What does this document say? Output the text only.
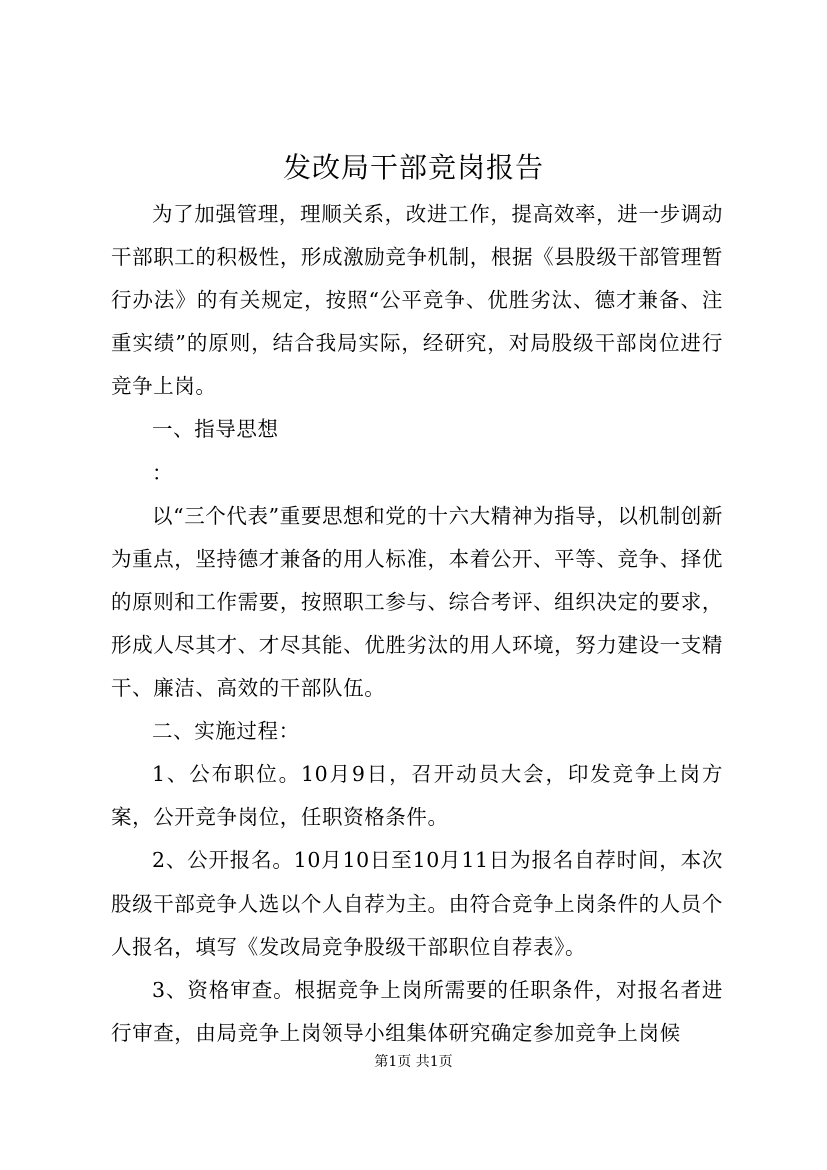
发改局干部竞岗报告

为了加强管理，理顺关系，改进工作，提高效率，进一步调动干部职工的积极性，形成激励竞争机制，根据《县股级干部管理暂行办法》的有关规定，按照“公平竞争、优胜劣汰、德才兼备、注重实绩”的原则，结合我局实际，经研究，对局股级干部岗位进行竞争上岗。

一、指导思想

：

以“三个代表”重要思想和党的十六大精神为指导，以机制创新为重点，坚持德才兼备的用人标准，本着公开、平等、竞争、择优的原则和工作需要，按照职工参与、综合考评、组织决定的要求，形成人尽其才、才尽其能、优胜劣汰的用人环境，努力建设一支精干、廉洁、高效的干部队伍。

二、实施过程：

1、公布职位。10月9日，召开动员大会，印发竞争上岗方案，公开竞争岗位，任职资格条件。

2、公开报名。10月10日至10月11日为报名自荐时间，本次股级干部竞争人选以个人自荐为主。由符合竞争上岗条件的人员个人报名，填写《发改局竞争股级干部职位自荐表》。

3、资格审查。根据竞争上岗所需要的任职条件，对报名者进行审查，由局竞争上岗领导小组集体研究确定参加竞争上岗候

第1页 共1页
